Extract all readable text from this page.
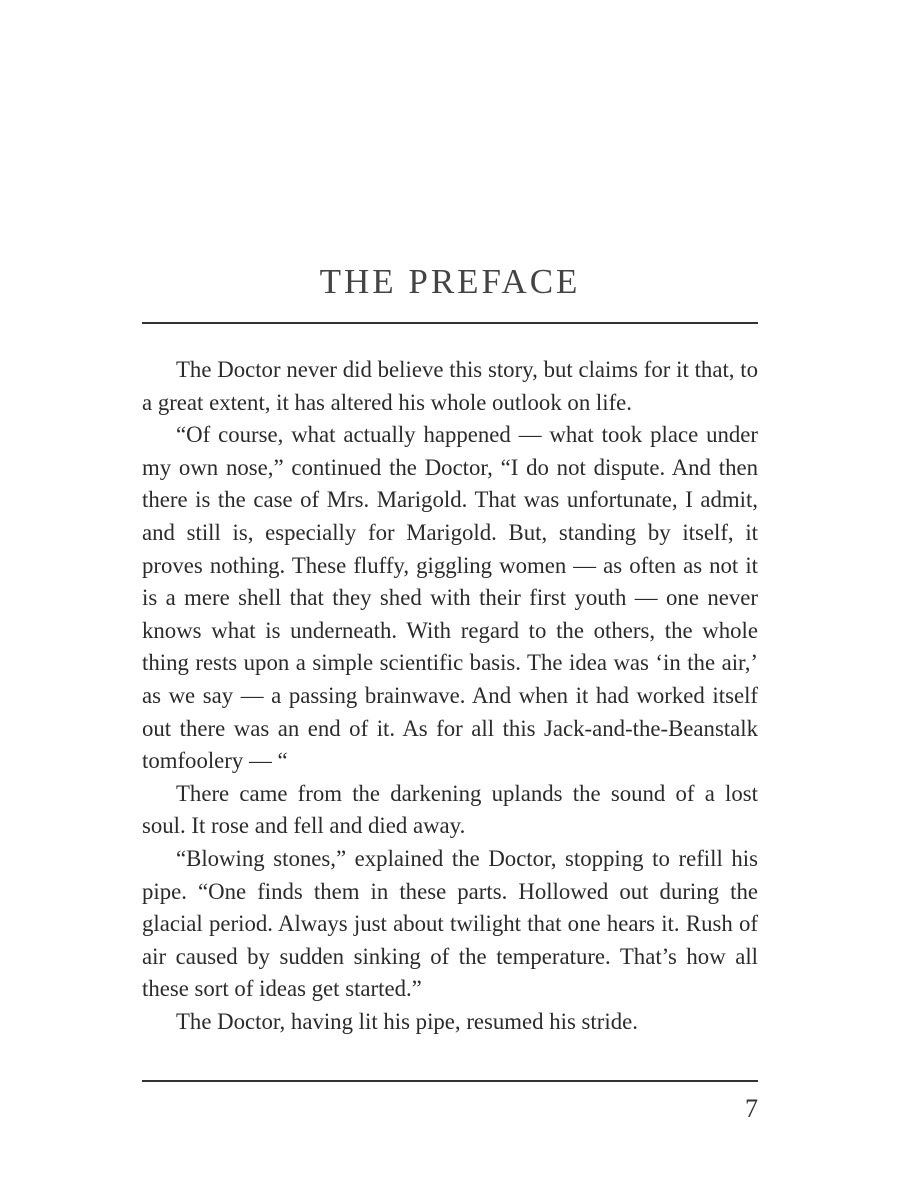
THE PREFACE

The Doctor never did believe this story, but claims for it that, to a great extent, it has altered his whole outlook on life.

“Of course, what actually happened — what took place under my own nose,” continued the Doctor, “I do not dispute. And then there is the case of Mrs. Marigold. That was unfortunate, I admit, and still is, especially for Marigold. But, standing by itself, it proves nothing. These fluffy, giggling women — as often as not it is a mere shell that they shed with their first youth — one never knows what is underneath. With regard to the others, the whole thing rests upon a simple scientific basis. The idea was ‘in the air,’ as we say — a passing brainwave. And when it had worked itself out there was an end of it. As for all this Jack-and-the-Beanstalk tomfoolery — “

There came from the darkening uplands the sound of a lost soul. It rose and fell and died away.

“Blowing stones,” explained the Doctor, stopping to refill his pipe. “One finds them in these parts. Hollowed out during the glacial period. Always just about twilight that one hears it. Rush of air caused by sudden sinking of the temperature. That’s how all these sort of ideas get started.”

The Doctor, having lit his pipe, resumed his stride.

7
